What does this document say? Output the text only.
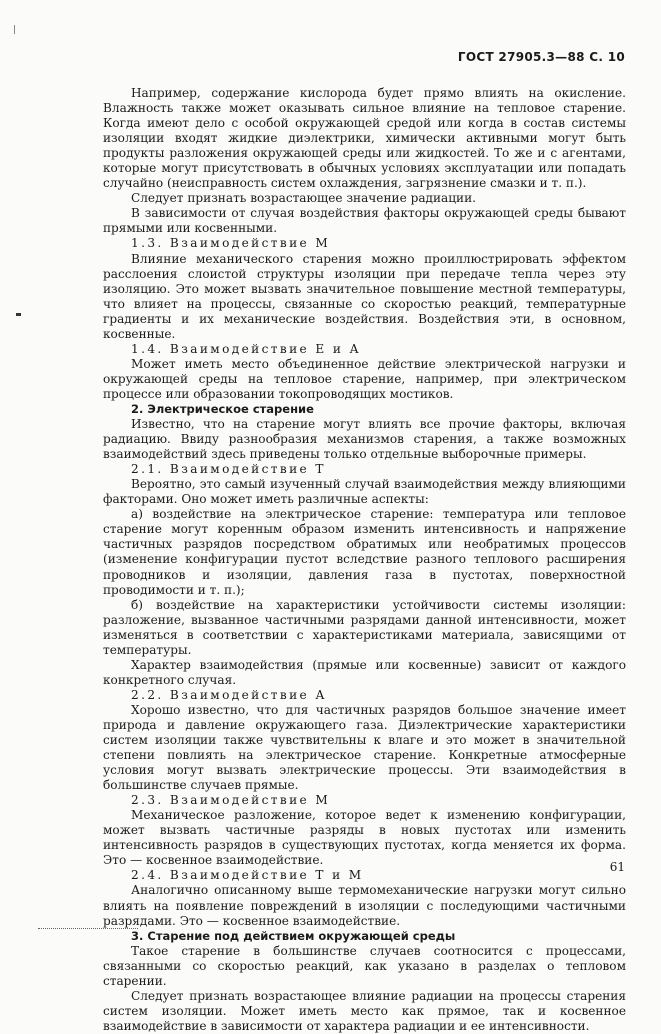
ГОСТ 27905.3—88 С. 10

Например, содержание кислорода будет прямо влиять на окисление. Влажность также может оказывать сильное влияние на тепловое старение. Когда имеют дело с особой окружающей средой или когда в состав системы изоляции входят жидкие диэлектрики, химически активными могут быть продукты разложения окружающей среды или жидкостей. То же и с агентами, которые могут присутствовать в обычных условиях эксплуатации или попадать случайно (неисправность систем охлаждения, загрязнение смазки и т. п.).

Следует признать возрастающее значение радиации.

В зависимости от случая воздействия факторы окружающей среды бывают прямыми или косвенными.

1.3. Взаимодействие М

Влияние механического старения можно проиллюстрировать эффектом расслоения слоистой структуры изоляции при передаче тепла через эту изоляцию. Это может вызвать значительное повышение местной температуры, что влияет на процессы, связанные со скоростью реакций, температурные градиенты и их механические воздействия. Воздействия эти, в основном, косвенные.

1.4. Взаимодействие Е и А

Может иметь место объединенное действие электрической нагрузки и окружающей среды на тепловое старение, например, при электрическом процессе или образовании токопроводящих мостиков.

2. Электрическое старение

Известно, что на старение могут влиять все прочие факторы, включая радиацию. Ввиду разнообразия механизмов старения, а также возможных взаимодействий здесь приведены только отдельные выборочные примеры.

2.1. Взаимодействие Т

Вероятно, это самый изученный случай взаимодействия между влияющими факторами. Оно может иметь различные аспекты:

а) воздействие на электрическое старение: температура или тепловое старение могут коренным образом изменить интенсивность и напряжение частичных разрядов посредством обратимых или необратимых процессов (изменение конфигурации пустот вследствие разного теплового расширения проводников и изоляции, давления газа в пустотах, поверхностной проводимости и т. п.);

б) воздействие на характеристики устойчивости системы изоляции: разложение, вызванное частичными разрядами данной интенсивности, может изменяться в соответствии с характеристиками материала, зависящими от температуры.

Характер взаимодействия (прямые или косвенные) зависит от каждого конкретного случая.

2.2. Взаимодействие А

Хорошо известно, что для частичных разрядов большое значение имеет природа и давление окружающего газа. Диэлектрические характеристики систем изоляции также чувствительны к влаге и это может в значительной степени повлиять на электрическое старение. Конкретные атмосферные условия могут вызвать электрические процессы. Эти взаимодействия в большинстве случаев прямые.

2.3. Взаимодействие М

Механическое разложение, которое ведет к изменению конфигурации, может вызвать частичные разряды в новых пустотах или изменить интенсивность разрядов в существующих пустотах, когда меняется их форма. Это — косвенное взаимодействие.

2.4. Взаимодействие Т и М

Аналогично описанному выше термомеханические нагрузки могут сильно влиять на появление повреждений в изоляции с последующими частичными разрядами. Это — косвенное взаимодействие.

3. Старение под действием окружающей среды

Такое старение в большинстве случаев соотносится с процессами, связанными со скоростью реакций, как указано в разделах о тепловом старении.

Следует признать возрастающее влияние радиации на процессы старения систем изоляции. Может иметь место как прямое, так и косвенное взаимодействие в зависимости от характера радиации и ее интенсивности.

61
